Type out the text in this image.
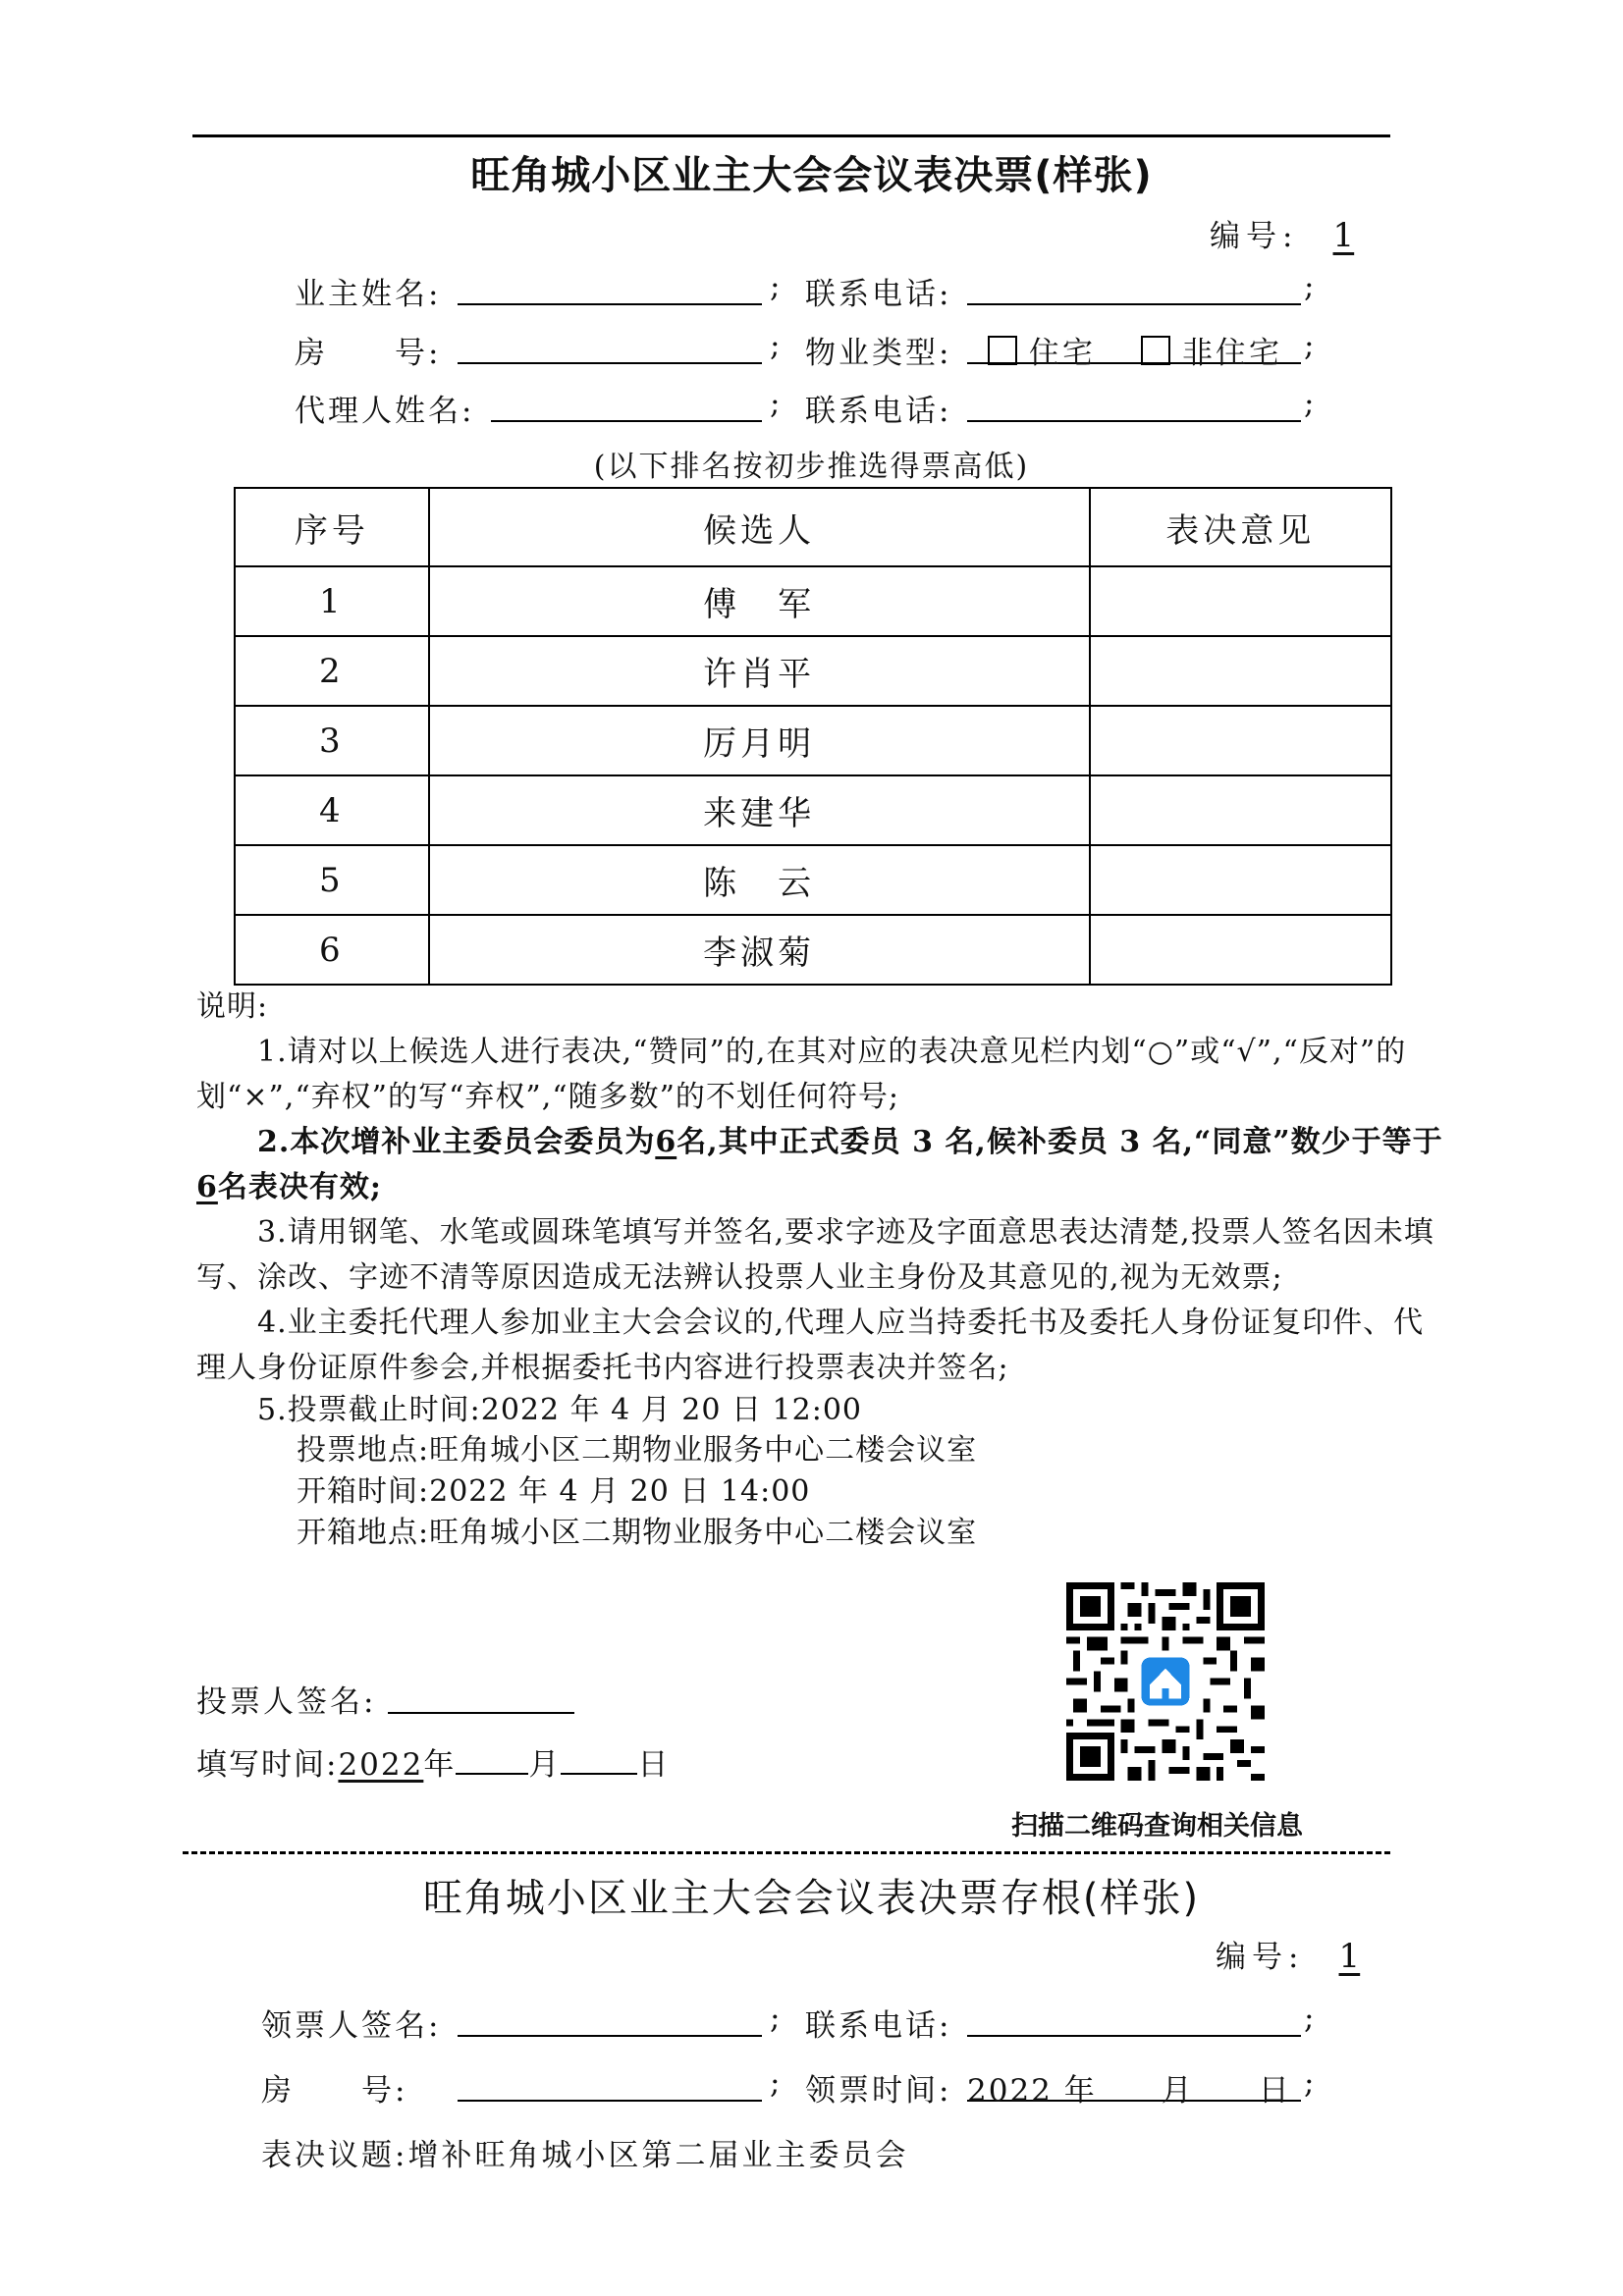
旺角城小区业主大会会议表决票(样张)
编号: 1
业主姓名:	; 联系电话:	;
房　　号:	; 物业类型:	住宅	非住宅 ;
代理人姓名:	; 联系电话:	;
(以下排名按初步推选得票高低)
序号	候选人	表决意见
1	傅　军	
2	许肖平	
3	厉月明	
4	来建华	
5	陈　云	
6	李淑菊	

说明:

1.请对以上候选人进行表决,“赞同”的,在其对应的表决意见栏内划“○”或“√”,“反对”的划“×”,“弃权”的写“弃权”,“随多数”的不划任何符号;

2.本次增补业主委员会委员为6名,其中正式委员 3 名,候补委员 3 名,“同意”数少于等于6名表决有效;

3.请用钢笔、水笔或圆珠笔填写并签名,要求字迹及字面意思表达清楚,投票人签名因未填写、涂改、字迹不清等原因造成无法辨认投票人业主身份及其意见的,视为无效票;

4.业主委托代理人参加业主大会会议的,代理人应当持委托书及委托人身份证复印件、代理人身份证原件参会,并根据委托书内容进行投票表决并签名;

5.投票截止时间:2022 年 4 月 20 日 12:00

投票地点:旺角城小区二期物业服务中心二楼会议室

开箱时间:2022 年 4 月 20 日 14:00

开箱地点:旺角城小区二期物业服务中心二楼会议室

投票人签名:
填写时间:2022年 月	日
扫描二维码查询相关信息
旺角城小区业主大会会议表决票存根(样张)
编号: 1
领票人签名:	; 联系电话:	;
房　　号:	; 领票时间: 2022 年　　月　　日 ;
表决议题:增补旺角城小区第二届业主委员会
